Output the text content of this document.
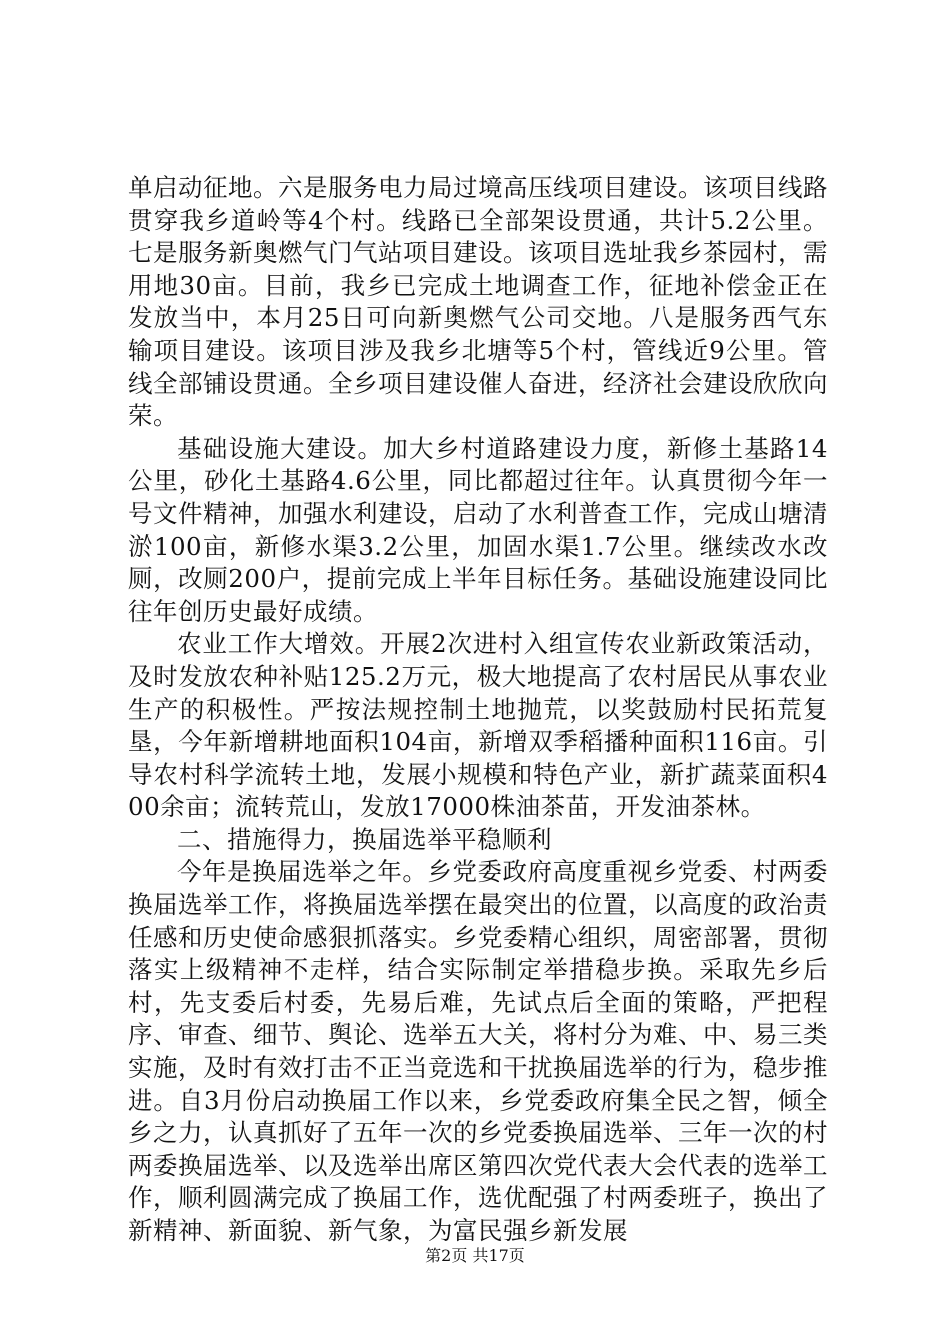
单启动征地。六是服务电力局过境高压线项目建设。该项目线路贯穿我乡道岭等4个村。线路已全部架设贯通，共计5.2公里。七是服务新奥燃气门气站项目建设。该项目选址我乡茶园村，需用地30亩。目前，我乡已完成土地调查工作，征地补偿金正在发放当中，本月25日可向新奥燃气公司交地。八是服务西气东输项目建设。该项目涉及我乡北塘等5个村，管线近9公里。管线全部铺设贯通。全乡项目建设催人奋进，经济社会建设欣欣向荣。

基础设施大建设。加大乡村道路建设力度，新修土基路14公里，砂化土基路4.6公里，同比都超过往年。认真贯彻今年一号文件精神，加强水利建设，启动了水利普查工作，完成山塘清淤100亩，新修水渠3.2公里，加固水渠1.7公里。继续改水改厕，改厕200户，提前完成上半年目标任务。基础设施建设同比往年创历史最好成绩。

农业工作大增效。开展2次进村入组宣传农业新政策活动，及时发放农种补贴125.2万元，极大地提高了农村居民从事农业生产的积极性。严按法规控制土地抛荒，以奖鼓励村民拓荒复垦，今年新增耕地面积104亩，新增双季稻播种面积116亩。引导农村科学流转土地，发展小规模和特色产业，新扩蔬菜面积400余亩；流转荒山，发放17000株油茶苗，开发油茶林。

二、措施得力，换届选举平稳顺利

今年是换届选举之年。乡党委政府高度重视乡党委、村两委换届选举工作，将换届选举摆在最突出的位置，以高度的政治责任感和历史使命感狠抓落实。乡党委精心组织，周密部署，贯彻落实上级精神不走样，结合实际制定举措稳步换。采取先乡后村，先支委后村委，先易后难，先试点后全面的策略，严把程序、审查、细节、舆论、选举五大关，将村分为难、中、易三类实施，及时有效打击不正当竞选和干扰换届选举的行为，稳步推进。自3月份启动换届工作以来，乡党委政府集全民之智，倾全乡之力，认真抓好了五年一次的乡党委换届选举、三年一次的村两委换届选举、以及选举出席区第四次党代表大会代表的选举工作，顺利圆满完成了换届工作，选优配强了村两委班子，换出了新精神、新面貌、新气象，为富民强乡新发展

第2页 共17页
